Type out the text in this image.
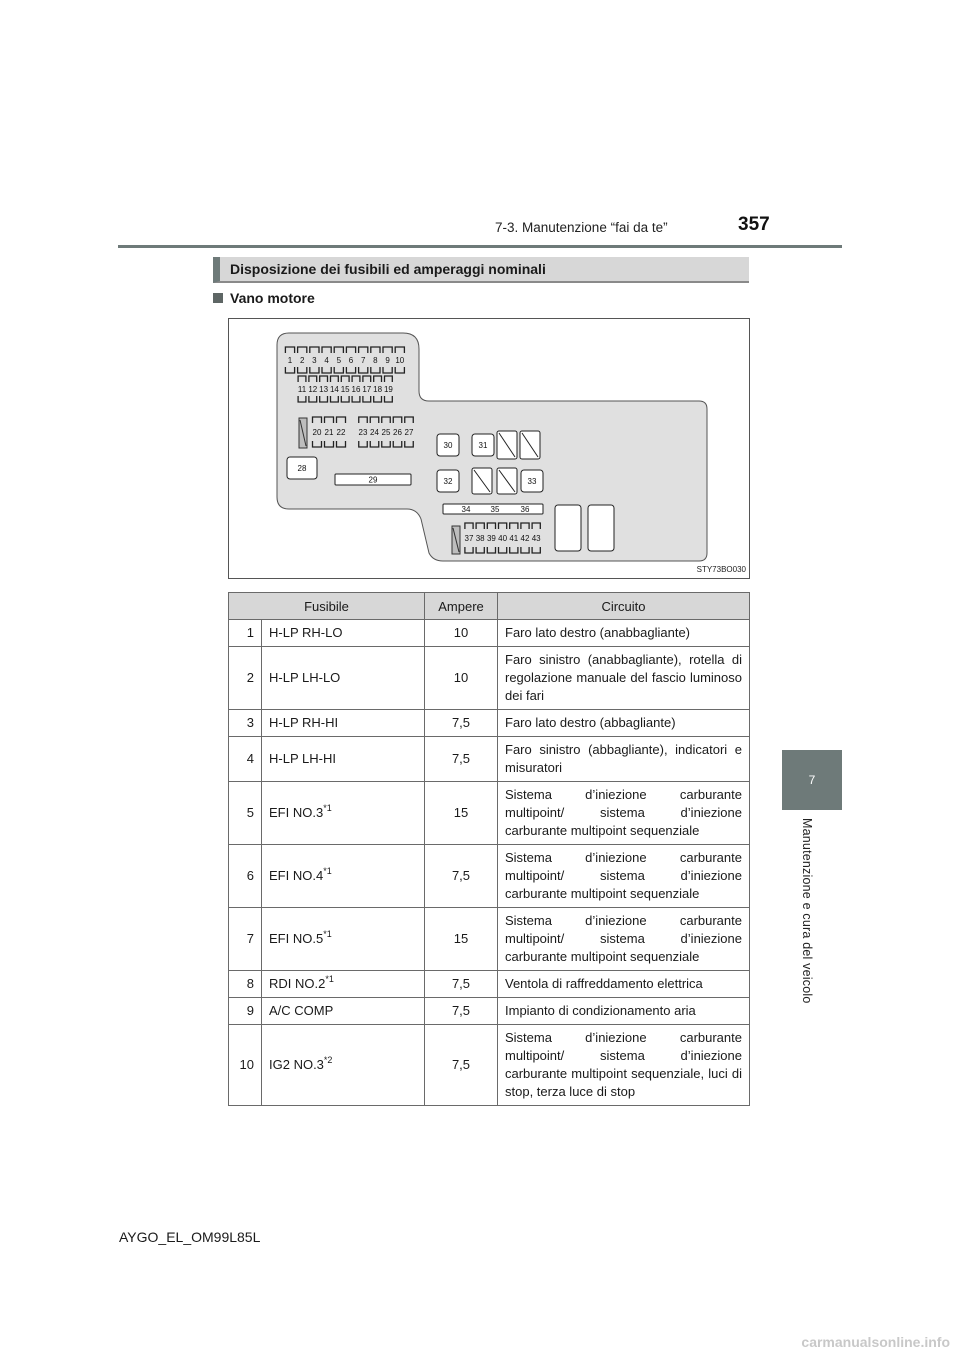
7-3. Manutenzione “fai da te”	357
7
Manutenzione e cura del veicolo
Disposizione dei fusibili ed amperaggi nominali
Vano motore
1 2 3 4 5 6 7 8 9 10
11 12 13 14 15 16 17 18 19
20 21 22 23 24 25 26 27
28
29
30	31
32	33
34	35	36
37 38 39 40 41 42 43
STY73BO030
Fusibile		Ampere	Circuito
1	H-LP RH-LO	10	Faro lato destro (anabbagliante)
2	H-LP LH-LO	10	Faro sinistro (anabbagliante), rotella di regolazione manuale del fascio luminoso dei fari
3	H-LP RH-HI	7,5	Faro lato destro (abbagliante)
4	H-LP LH-HI	7,5	Faro sinistro (abbagliante), indicatori e misuratori
5	EFI NO.3$^{*1}$	15	Sistema d’iniezione carburante multipoint/ sistema d’iniezione carburante multipoint sequenziale
6	EFI NO.4$^{*1}$	7,5	Sistema d’iniezione carburante multipoint/ sistema d’iniezione carburante multipoint sequenziale
7	EFI NO.5$^{*1}$	15	Sistema d’iniezione carburante multipoint/ sistema d’iniezione carburante multipoint sequenziale
8	RDI NO.2$^{*1}$	7,5	Ventola di raffreddamento elettrica
9	A/C COMP	7,5	Impianto di condizionamento aria
10	IG2 NO.3$^{*2}$	7,5	Sistema d’iniezione carburante multipoint/ sistema d’iniezione carburante multipoint sequenziale, luci di stop, terza luce di stop
AYGO_EL_OM99L85L
carmanualsonline.info
